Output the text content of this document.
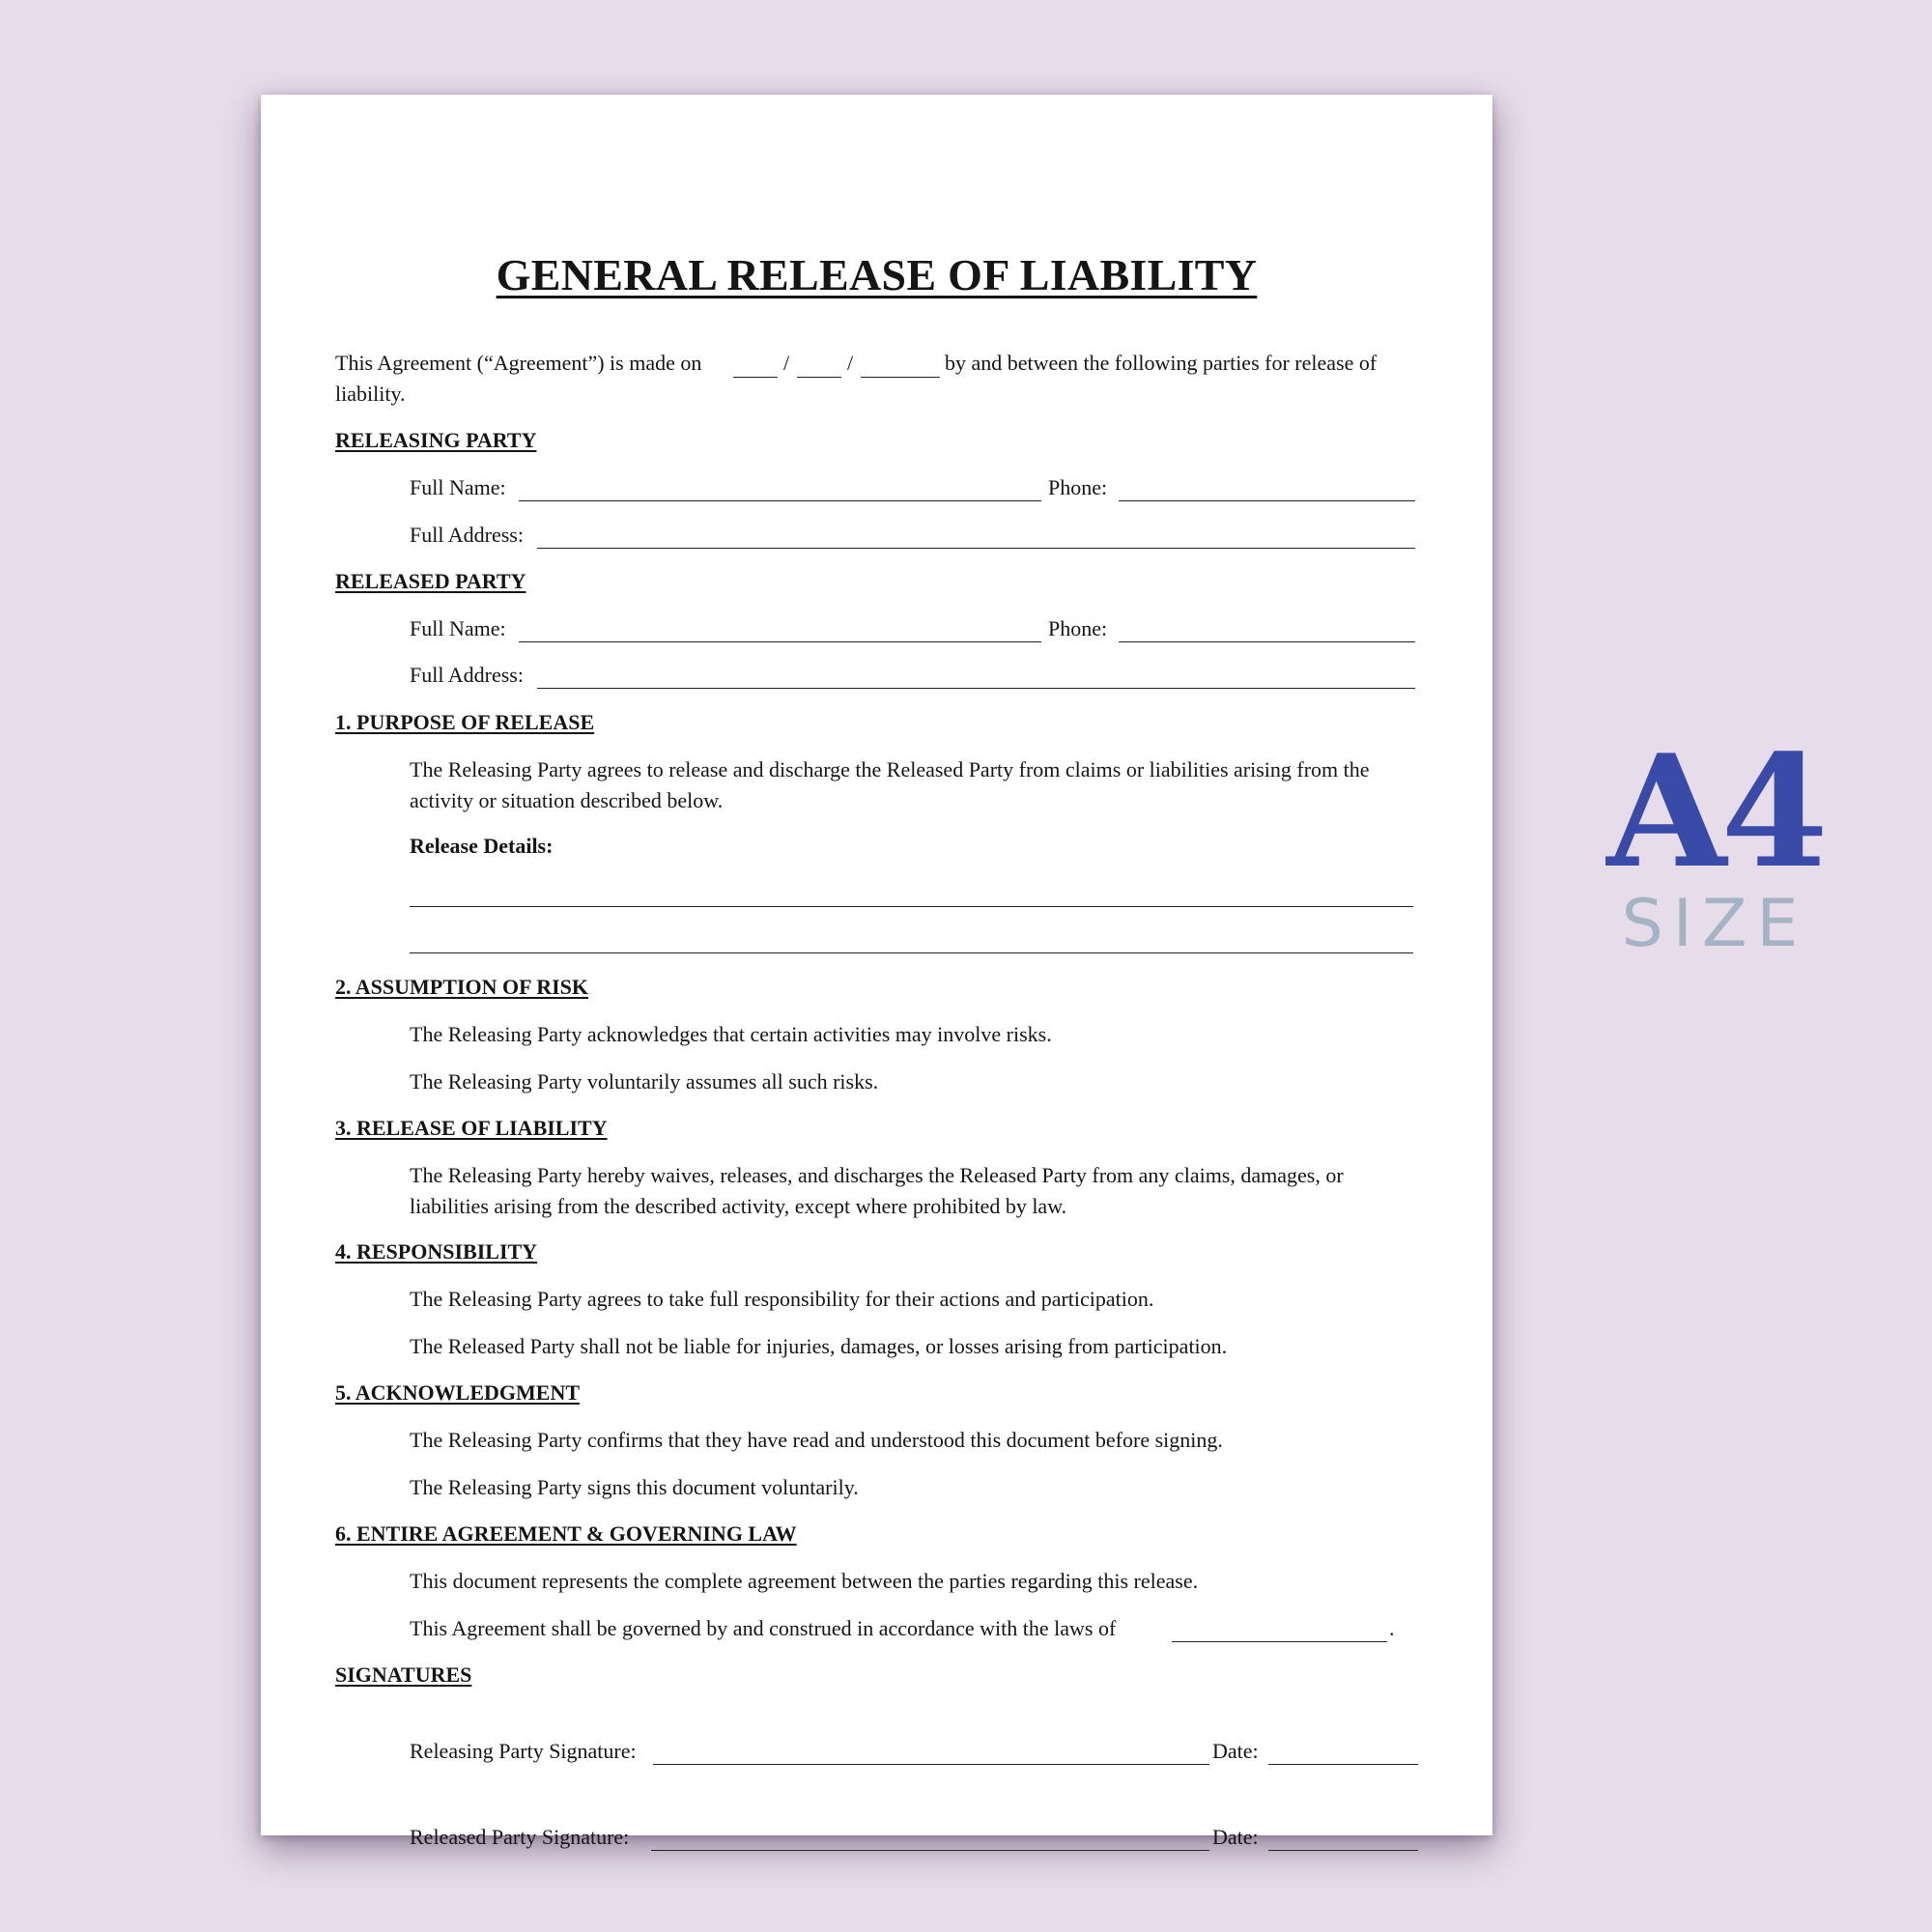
GENERAL RELEASE OF LIABILITY
This Agreement (“Agreement”) is made on	/	/	by and between the following parties for release of
liability.
RELEASING PARTY
Full Name:	Phone:
Full Address:
RELEASED PARTY
Full Name:	Phone:
Full Address:
1. PURPOSE OF RELEASE
The Releasing Party agrees to release and discharge the Released Party from claims or liabilities arising from the activity or situation described below.
Release Details:
2. ASSUMPTION OF RISK
The Releasing Party acknowledges that certain activities may involve risks.
The Releasing Party voluntarily assumes all such risks.
3. RELEASE OF LIABILITY
The Releasing Party hereby waives, releases, and discharges the Released Party from any claims, damages, or liabilities arising from the described activity, except where prohibited by law.
4. RESPONSIBILITY
The Releasing Party agrees to take full responsibility for their actions and participation.
The Released Party shall not be liable for injuries, damages, or losses arising from participation.
5. ACKNOWLEDGMENT
The Releasing Party confirms that they have read and understood this document before signing.
The Releasing Party signs this document voluntarily.
6. ENTIRE AGREEMENT & GOVERNING LAW
This document represents the complete agreement between the parties regarding this release.
This Agreement shall be governed by and construed in accordance with the laws of	.
SIGNATURES
Releasing Party Signature:	Date:
Released Party Signature:	Date:
A4
SIZE
